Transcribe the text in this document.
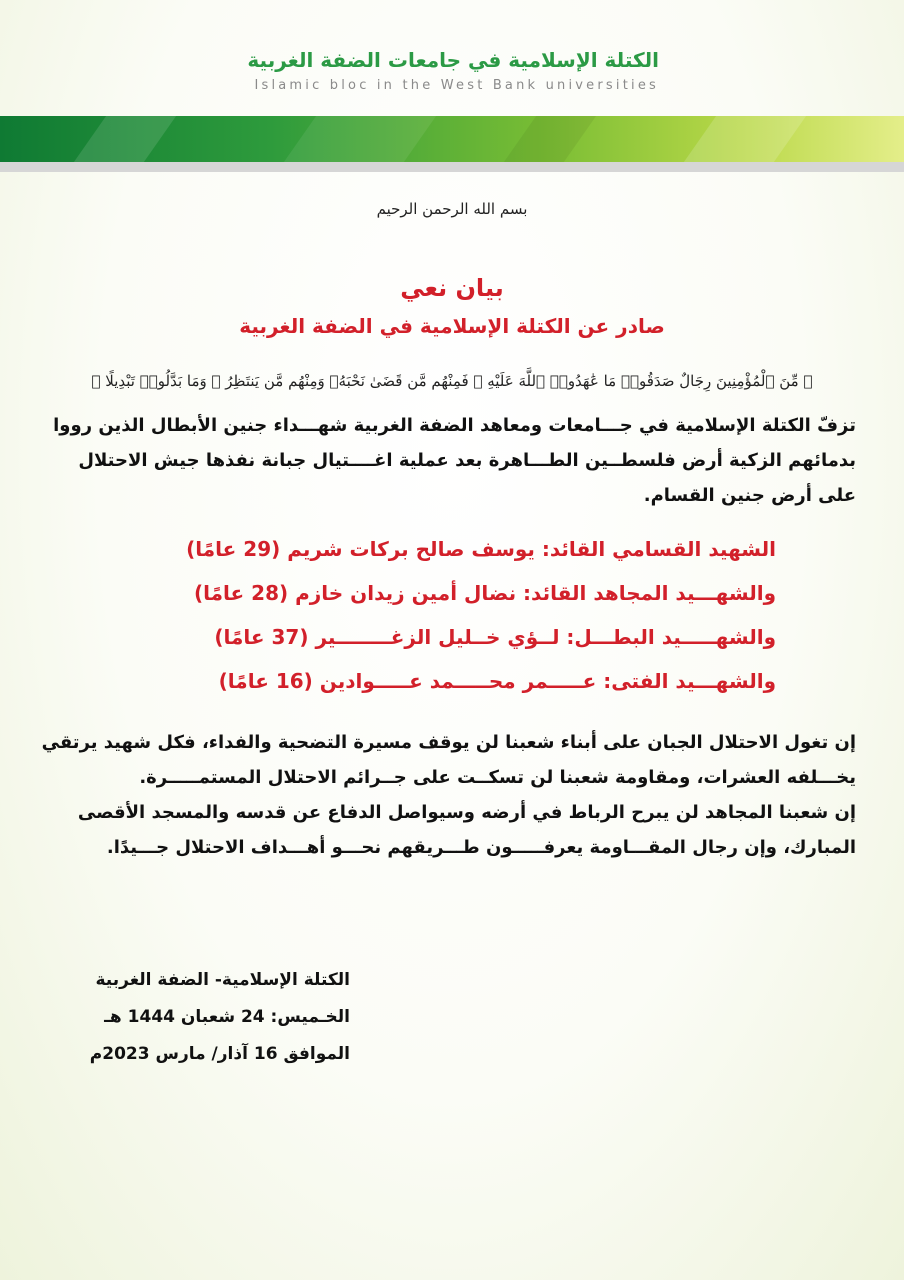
الكتلة الإسلامية في جامعات الضفة الغربية
Islamic bloc in the West Bank universities

بسم الله الرحمن الرحيم

بيان نعي
صادر عن الكتلة الإسلامية في الضفة الغربية

﴿ مِّنَ ٱلْمُؤْمِنِينَ رِجَالٌ صَدَقُوا۟ مَا عَٰهَدُوا۟ ٱللَّهَ عَلَيْهِ ۖ فَمِنْهُم مَّن قَضَىٰ نَحْبَهُۥ وَمِنْهُم مَّن يَنتَظِرُ ۖ وَمَا بَدَّلُوا۟ تَبْدِيلًا ﴾

تزفّ الكتلة الإسلامية في جـــامعات ومعاهد الضفة الغربية شهـــداء جنين الأبطال الذين رووا بدمائهم الزكية أرض فلسطــين الطـــاهرة بعد عملية اغــــتيال جبانة نفذها جيش الاحتلال على أرض جنين القسام.

الشهيد القسامي القائد: يوسف صالح بركات شريم (29 عامًا)
والشهـــيد المجاهد القائد: نضال أمين زيدان خازم (28 عامًا)
والشهـــــيد البطـــل: لــؤي خــليل الزغــــــــير (37 عامًا)
والشهـــيد الفتى: عـــــمر محـــــمد عـــــوادين (16 عامًا)

إن تغول الاحتلال الجبان على أبناء شعبنا لن يوقف مسيرة التضحية والفداء، فكل شهيد يرتقي يخـــلفه العشرات، ومقاومة شعبنا لن تسكــت على جــرائم الاحتلال المستمـــــرة.
إن شعبنا المجاهد لن يبرح الرباط في أرضه وسيواصل الدفاع عن قدسه والمسجد الأقصى المبارك، وإن رجال المقـــاومة يعرفـــــون طـــريقهم نحـــو أهـــداف الاحتلال جـــيدًا.

الكتلة الإسلامية- الضفة الغربية
الخـميس: 24 شعبان 1444 هـ
الموافق 16 آذار/ مارس 2023م
